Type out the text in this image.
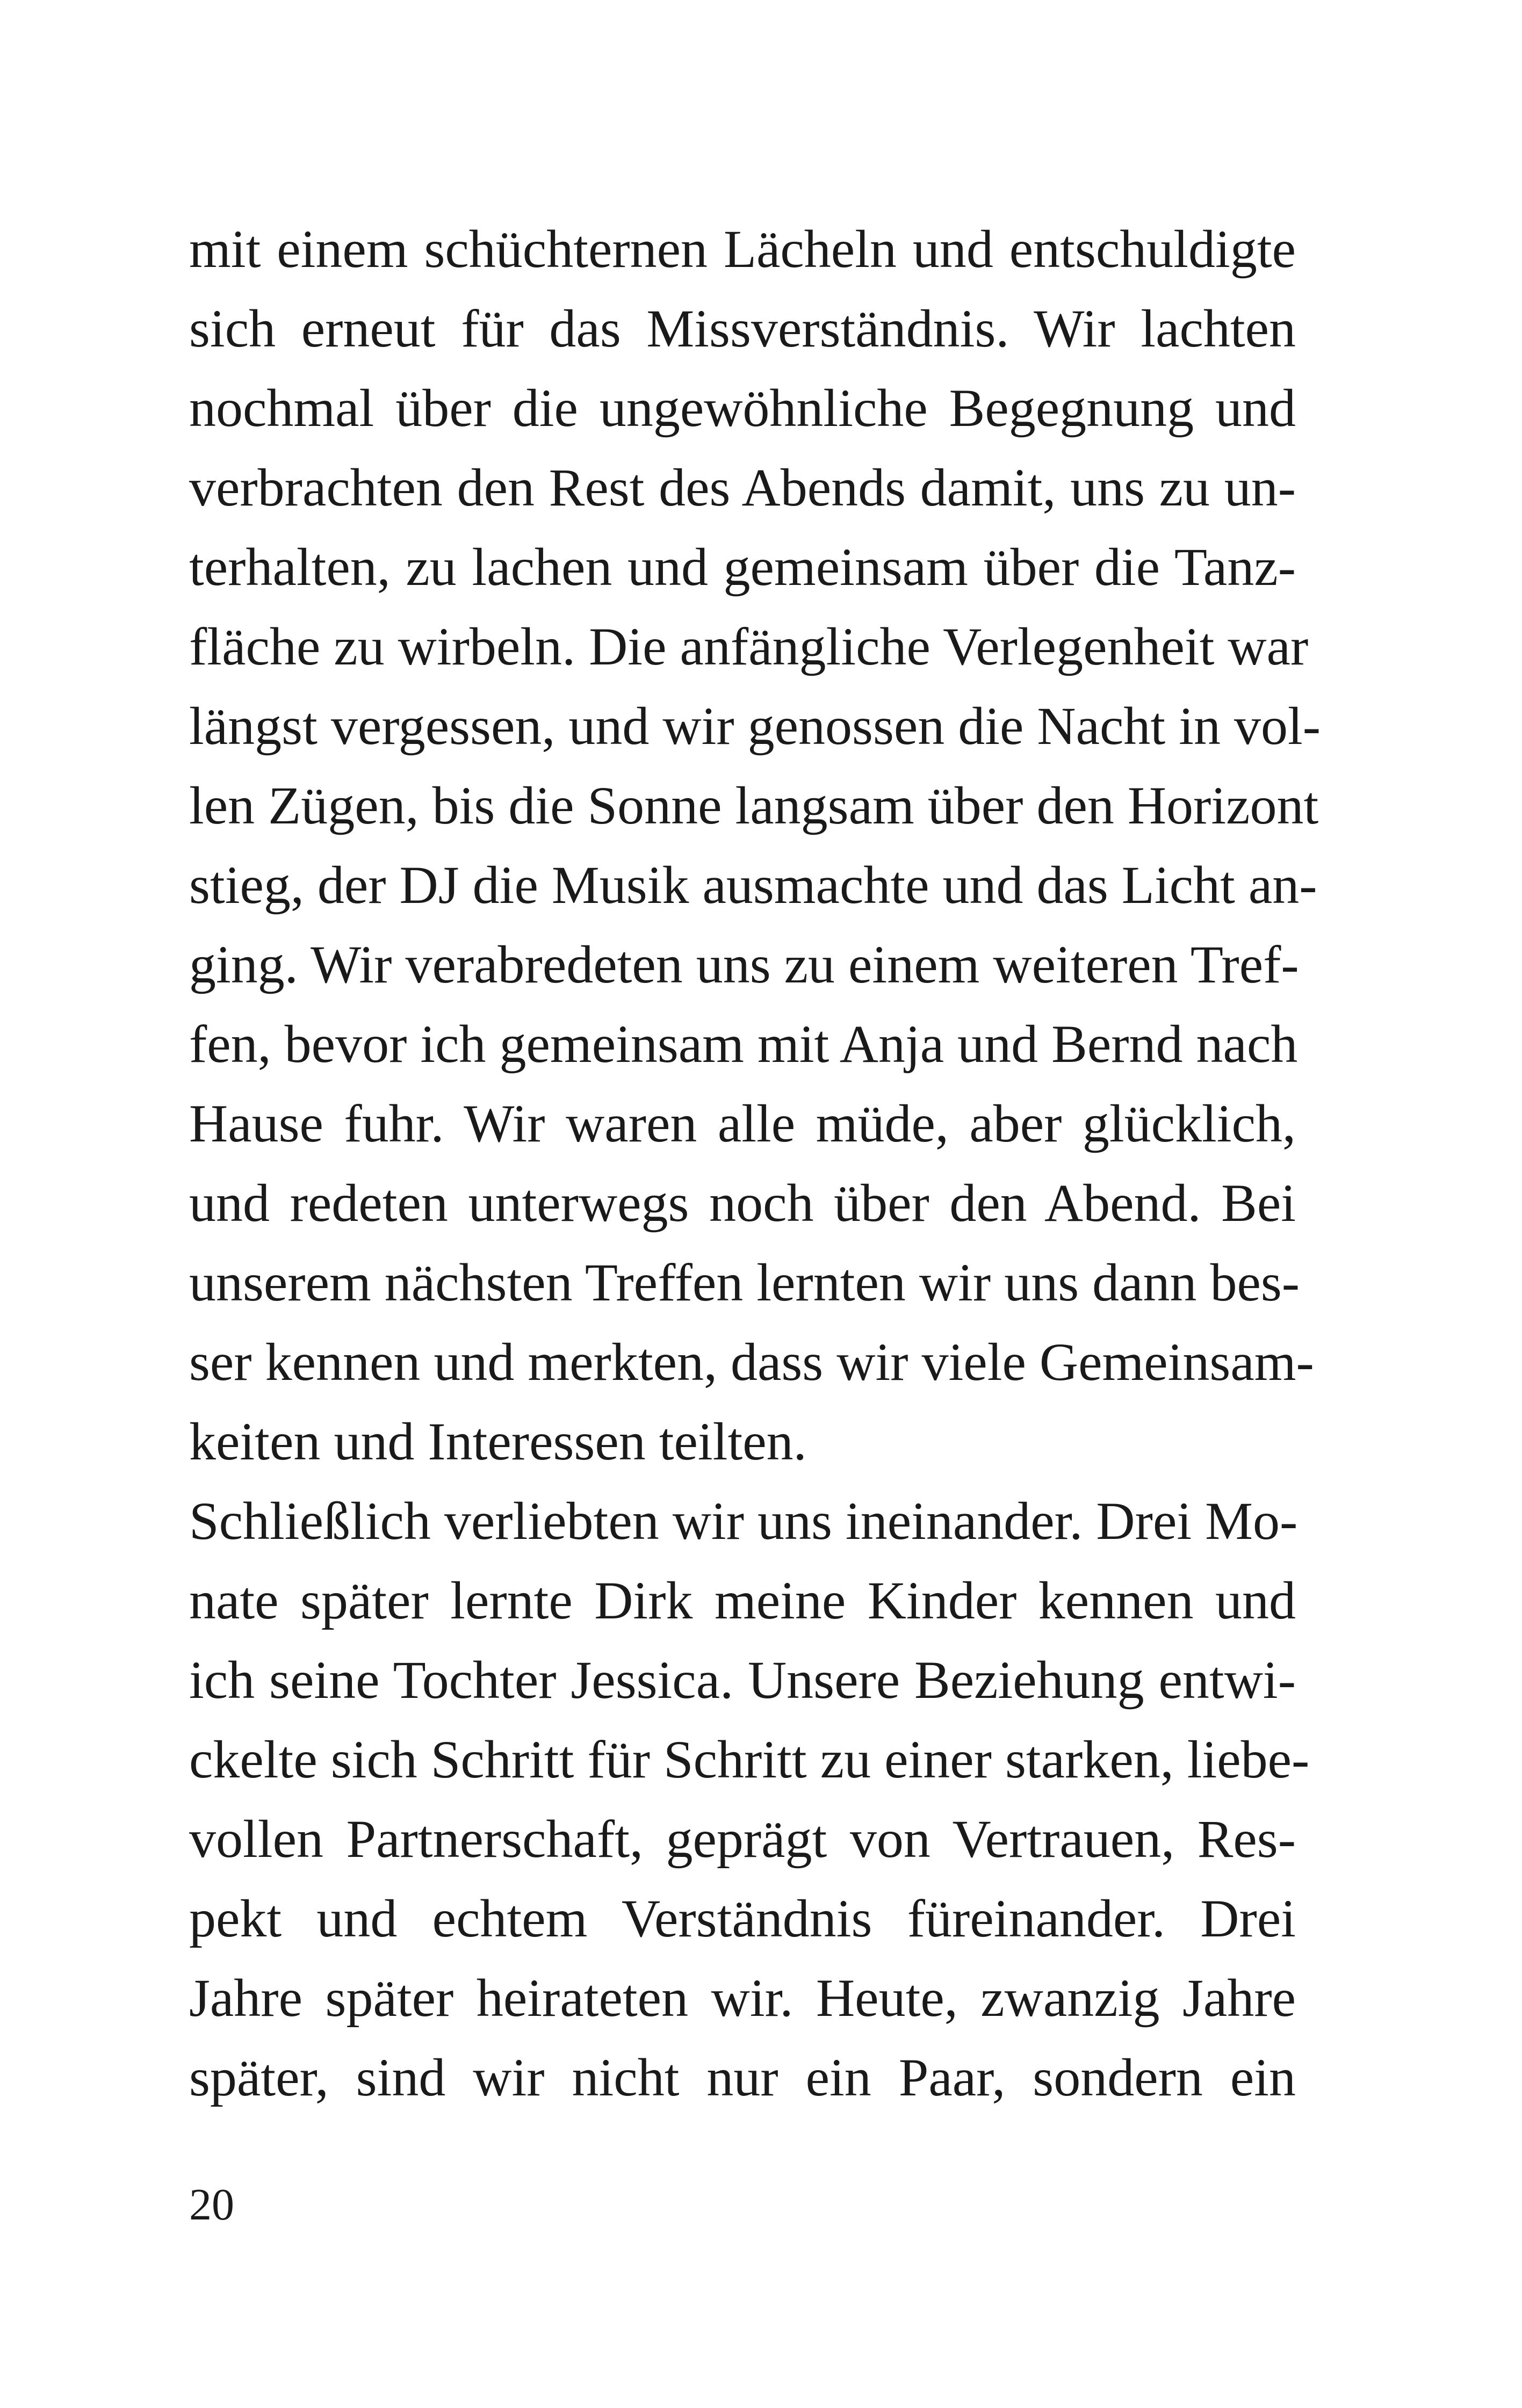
mit einem schüchternen Lächeln und entschuldigte
sich erneut für das Missverständnis. Wir lachten
nochmal über die ungewöhnliche Begegnung und
verbrachten den Rest des Abends damit, uns zu un-
terhalten, zu lachen und gemeinsam über die Tanz-
fläche zu wirbeln. Die anfängliche Verlegenheit war
längst vergessen, und wir genossen die Nacht in vol-
len Zügen, bis die Sonne langsam über den Horizont
stieg, der DJ die Musik ausmachte und das Licht an-
ging. Wir verabredeten uns zu einem weiteren Tref-
fen, bevor ich gemeinsam mit Anja und Bernd nach
Hause fuhr. Wir waren alle müde, aber glücklich,
und redeten unterwegs noch über den Abend. Bei
unserem nächsten Treffen lernten wir uns dann bes-
ser kennen und merkten, dass wir viele Gemeinsam-
keiten und Interessen teilten.
Schließlich verliebten wir uns ineinander. Drei Mo-
nate später lernte Dirk meine Kinder kennen und
ich seine Tochter Jessica. Unsere Beziehung entwi-
ckelte sich Schritt für Schritt zu einer starken, liebe-
vollen Partnerschaft, geprägt von Vertrauen, Res-
pekt und echtem Verständnis füreinander. Drei
Jahre später heirateten wir. Heute, zwanzig Jahre
später, sind wir nicht nur ein Paar, sondern ein
20
